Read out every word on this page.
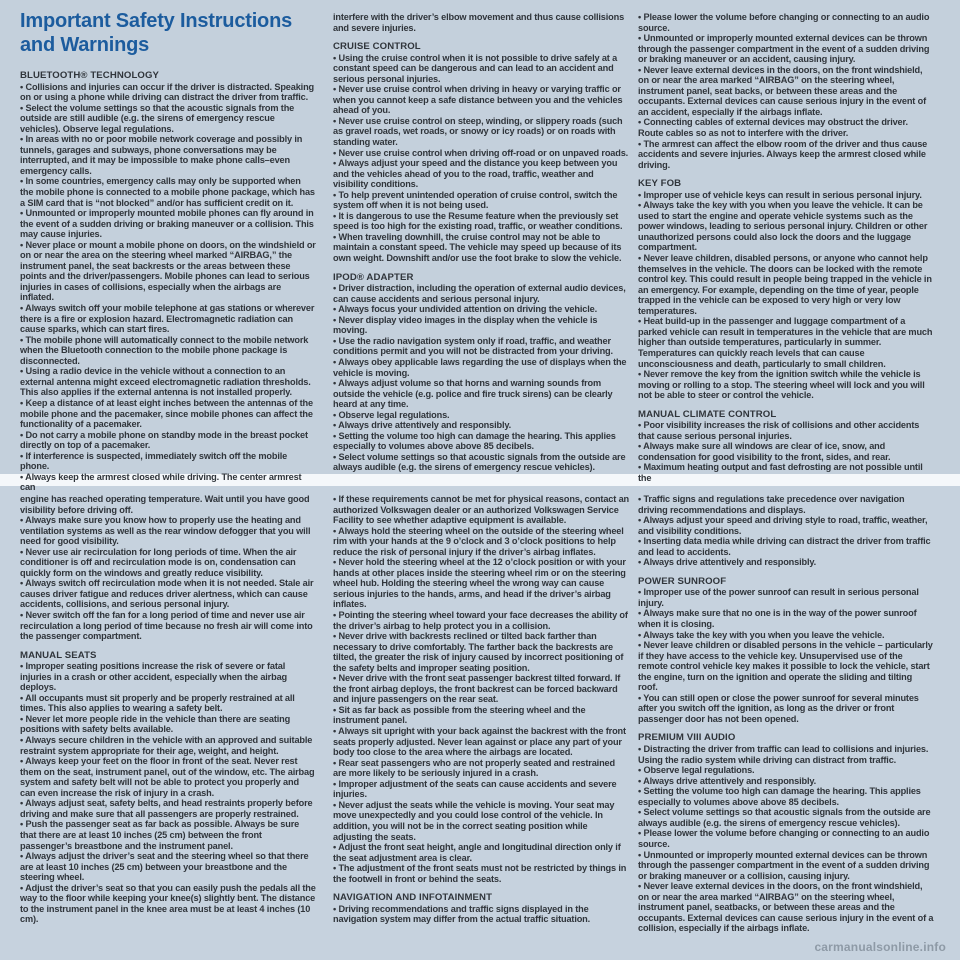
Important Safety Instructions and Warnings

BLUETOOTH® TECHNOLOGY

• Collisions and injuries can occur if the driver is distracted. Speaking on or using a phone while driving can distract the driver from traffic.

• Select the volume settings so that the acoustic signals from the outside are still audible (e.g. the sirens of emergency rescue vehicles). Observe legal regulations.

• In areas with no or poor mobile network coverage and possibly in tunnels, garages and subways, phone conversations may be interrupted, and it may be impossible to make phone calls–even emergency calls.

• In some countries, emergency calls may only be supported when the mobile phone is connected to a mobile phone package, which has a SIM card that is “not blocked” and/or has sufficient credit on it.

• Unmounted or improperly mounted mobile phones can fly around in the event of a sudden driving or braking maneuver or a collision. This may cause injuries.

• Never place or mount a mobile phone on doors, on the windshield or on or near the area on the steering wheel marked “AIRBAG,” the instrument panel, the seat backrests or the areas between these points and the driver/passengers. Mobile phones can lead to serious injuries in cases of collisions, especially when the airbags are inflated.

• Always switch off your mobile telephone at gas stations or wherever there is a fire or explosion hazard. Electromagnetic radiation can cause sparks, which can start fires.

• The mobile phone will automatically connect to the mobile network when the Bluetooth connection to the mobile phone package is disconnected.

• Using a radio device in the vehicle without a connection to an external antenna might exceed electromagnetic radiation thresholds. This also applies if the external antenna is not installed properly.

• Keep a distance of at least eight inches between the antennas of the mobile phone and the pacemaker, since mobile phones can affect the functionality of a pacemaker.

• Do not carry a mobile phone on standby mode in the breast pocket directly on top of a pacemaker.

• If interference is suspected, immediately switch off the mobile phone.

• Always keep the armrest closed while driving. The center armrest can

interfere with the driver’s elbow movement and thus cause collisions and severe injuries.

CRUISE CONTROL

• Using the cruise control when it is not possible to drive safely at a constant speed can be dangerous and can lead to an accident and serious personal injuries.

• Never use cruise control when driving in heavy or varying traffic or when you cannot keep a safe distance between you and the vehicles ahead of you.

• Never use cruise control on steep, winding, or slippery roads (such as gravel roads, wet roads, or snowy or icy roads) or on roads with standing water.

• Never use cruise control when driving off-road or on unpaved roads.

• Always adjust your speed and the distance you keep between you and the vehicles ahead of you to the road, traffic, weather and visibility conditions.

• To help prevent unintended operation of cruise control, switch the system off when it is not being used.

• It is dangerous to use the Resume feature when the previously set speed is too high for the existing road, traffic, or weather conditions.

• When traveling downhill, the cruise control may not be able to maintain a constant speed. The vehicle may speed up because of its own weight. Downshift and/or use the foot brake to slow the vehicle.

IPOD® ADAPTER

• Driver distraction, including the operation of external audio devices, can cause accidents and serious personal injury.

• Always focus your undivided attention on driving the vehicle.

• Never display video images in the display when the vehicle is moving.

• Use the radio navigation system only if road, traffic, and weather conditions permit and you will not be distracted from your driving.

• Always obey applicable laws regarding the use of displays when the vehicle is moving.

• Always adjust volume so that horns and warning sounds from outside the vehicle (e.g. police and fire truck sirens) can be clearly heard at any time.

• Observe legal regulations.

• Always drive attentively and responsibly.

• Setting the volume too high can damage the hearing. This applies especially to volumes above above 85 decibels.

• Select volume settings so that acoustic signals from the outside are always audible (e.g. the sirens of emergency rescue vehicles).

• Please lower the volume before changing or connecting to an audio source.

• Unmounted or improperly mounted external devices can be thrown through the passenger compartment in the event of a sudden driving or braking maneuver or an accident, causing injury.

• Never leave external devices in the doors, on the front windshield, on or near the area marked “AIRBAG” on the steering wheel, instrument panel, seat backs, or between these areas and the occupants. External devices can cause serious injury in the event of an accident, especially if the airbags inflate.

• Connecting cables of external devices may obstruct the driver. Route cables so as not to interfere with the driver.

• The armrest can affect the elbow room of the driver and thus cause accidents and severe injuries. Always keep the armrest closed while driving.

KEY FOB

• Improper use of vehicle keys can result in serious personal injury.

• Always take the key with you when you leave the vehicle. It can be used to start the engine and operate vehicle systems such as the power windows, leading to serious personal injury. Children or other unauthorized persons could also lock the doors and the luggage compartment.

• Never leave children, disabled persons, or anyone who cannot help themselves in the vehicle. The doors can be locked with the remote control key. This could result in people being trapped in the vehicle in an emergency. For example, depending on the time of year, people trapped in the vehicle can be exposed to very high or very low temperatures.

• Heat build-up in the passenger and luggage compartment of a parked vehicle can result in temperatures in the vehicle that are much higher than outside temperatures, particularly in summer. Temperatures can quickly reach levels that can cause unconsciousness and death, particularly to small children.

• Never remove the key from the ignition switch while the vehicle is moving or rolling to a stop. The steering wheel will lock and you will not be able to steer or control the vehicle.

MANUAL CLIMATE CONTROL

• Poor visibility increases the risk of collisions and other accidents that cause serious personal injuries.

• Always make sure all windows are clear of ice, snow, and condensation for good visibility to the front, sides, and rear.

• Maximum heating output and fast defrosting are not possible until the

engine has reached operating temperature. Wait until you have good visibility before driving off.

• Always make sure you know how to properly use the heating and ventilation systems as well as the rear window defogger that you will need for good visibility.

• Never use air recirculation for long periods of time. When the air conditioner is off and recirculation mode is on, condensation can quickly form on the windows and greatly reduce visibility.

• Always switch off recirculation mode when it is not needed. Stale air causes driver fatigue and reduces driver alertness, which can cause accidents, collisions, and serious personal injury.

• Never switch off the fan for a long period of time and never use air recirculation a long period of time because no fresh air will come into the passenger compartment.

MANUAL SEATS

• Improper seating positions increase the risk of severe or fatal injuries in a crash or other accident, especially when the airbag deploys.

• All occupants must sit properly and be properly restrained at all times. This also applies to wearing a safety belt.

• Never let more people ride in the vehicle than there are seating positions with safety belts available.

• Always secure children in the vehicle with an approved and suitable restraint system appropriate for their age, weight, and height.

• Always keep your feet on the floor in front of the seat. Never rest them on the seat, instrument panel, out of the window, etc. The airbag system and safety belt will not be able to protect you properly and can even increase the risk of injury in a crash.

• Always adjust seat, safety belts, and head restraints properly before driving and make sure that all passengers are properly restrained.

• Push the passenger seat as far back as possible. Always be sure that there are at least 10 inches (25 cm) between the front passenger’s breastbone and the instrument panel.

• Always adjust the driver’s seat and the steering wheel so that there are at least 10 inches (25 cm) between your breastbone and the steering wheel.

• Adjust the driver’s seat so that you can easily push the pedals all the way to the floor while keeping your knee(s) slightly bent. The distance to the instrument panel in the knee area must be at least 4 inches (10 cm).

• If these requirements cannot be met for physical reasons, contact an authorized Volkswagen dealer or an authorized Volkswagen Service Facility to see whether adaptive equipment is available.

• Always hold the steering wheel on the outside of the steering wheel rim with your hands at the 9 o’clock and 3 o’clock positions to help reduce the risk of personal injury if the driver’s airbag inflates.

• Never hold the steering wheel at the 12 o’clock position or with your hands at other places inside the steering wheel rim or on the steering wheel hub. Holding the steering wheel the wrong way can cause serious injuries to the hands, arms, and head if the driver’s airbag inflates.

• Pointing the steering wheel toward your face decreases the ability of the driver’s airbag to help protect you in a collision.

• Never drive with backrests reclined or tilted back farther than necessary to drive comfortably. The farther back the backrests are tilted, the greater the risk of injury caused by incorrect positioning of the safety belts and improper seating position.

• Never drive with the front seat passenger backrest tilted forward. If the front airbag deploys, the front backrest can be forced backward and injure passengers on the rear seat.

• Sit as far back as possible from the steering wheel and the instrument panel.

• Always sit upright with your back against the backrest with the front seats properly adjusted. Never lean against or place any part of your body too close to the area where the airbags are located.

• Rear seat passengers who are not properly seated and restrained are more likely to be seriously injured in a crash.

• Improper adjustment of the seats can cause accidents and severe injuries.

• Never adjust the seats while the vehicle is moving. Your seat may move unexpectedly and you could lose control of the vehicle. In addition, you will not be in the correct seating position while adjusting the seats.

• Adjust the front seat height, angle and longitudinal direction only if the seat adjustment area is clear.

• The adjustment of the front seats must not be restricted by things in the footwell in front or behind the seats.

NAVIGATION AND INFOTAINMENT

• Driving recommendations and traffic signs displayed in the navigation system may differ from the actual traffic situation.

• Traffic signs and regulations take precedence over navigation driving recommendations and displays.

• Always adjust your speed and driving style to road, traffic, weather, and visibility conditions.

• Inserting data media while driving can distract the driver from traffic and lead to accidents.

• Always drive attentively and responsibly.

POWER SUNROOF

• Improper use of the power sunroof can result in serious personal injury.

• Always make sure that no one is in the way of the power sunroof when it is closing.

• Always take the key with you when you leave the vehicle.

• Never leave children or disabled persons in the vehicle – particularly if they have access to the vehicle key. Unsupervised use of the remote control vehicle key makes it possible to lock the vehicle, start the engine, turn on the ignition and operate the sliding and tilting roof.

• You can still open or close the power sunroof for several minutes after you switch off the ignition, as long as the driver or front passenger door has not been opened.

PREMIUM VIII AUDIO

• Distracting the driver from traffic can lead to collisions and injuries. Using the radio system while driving can distract from traffic.

• Observe legal regulations.

• Always drive attentively and responsibly.

• Setting the volume too high can damage the hearing. This applies especially to volumes above above 85 decibels.

• Select volume settings so that acoustic signals from the outside are always audible (e.g. the sirens of emergency rescue vehicles).

• Please lower the volume before changing or connecting to an audio source.

• Unmounted or improperly mounted external devices can be thrown through the passenger compartment in the event of a sudden driving or braking maneuver or a collision, causing injury.

• Never leave external devices in the doors, on the front windshield, on or near the area marked “AIRBAG” on the steering wheel, instrument panel, seatbacks, or between these areas and the occupants. External devices can cause serious injury in the event of a collision, especially if the airbags inflate.

carmanualsonline.info
